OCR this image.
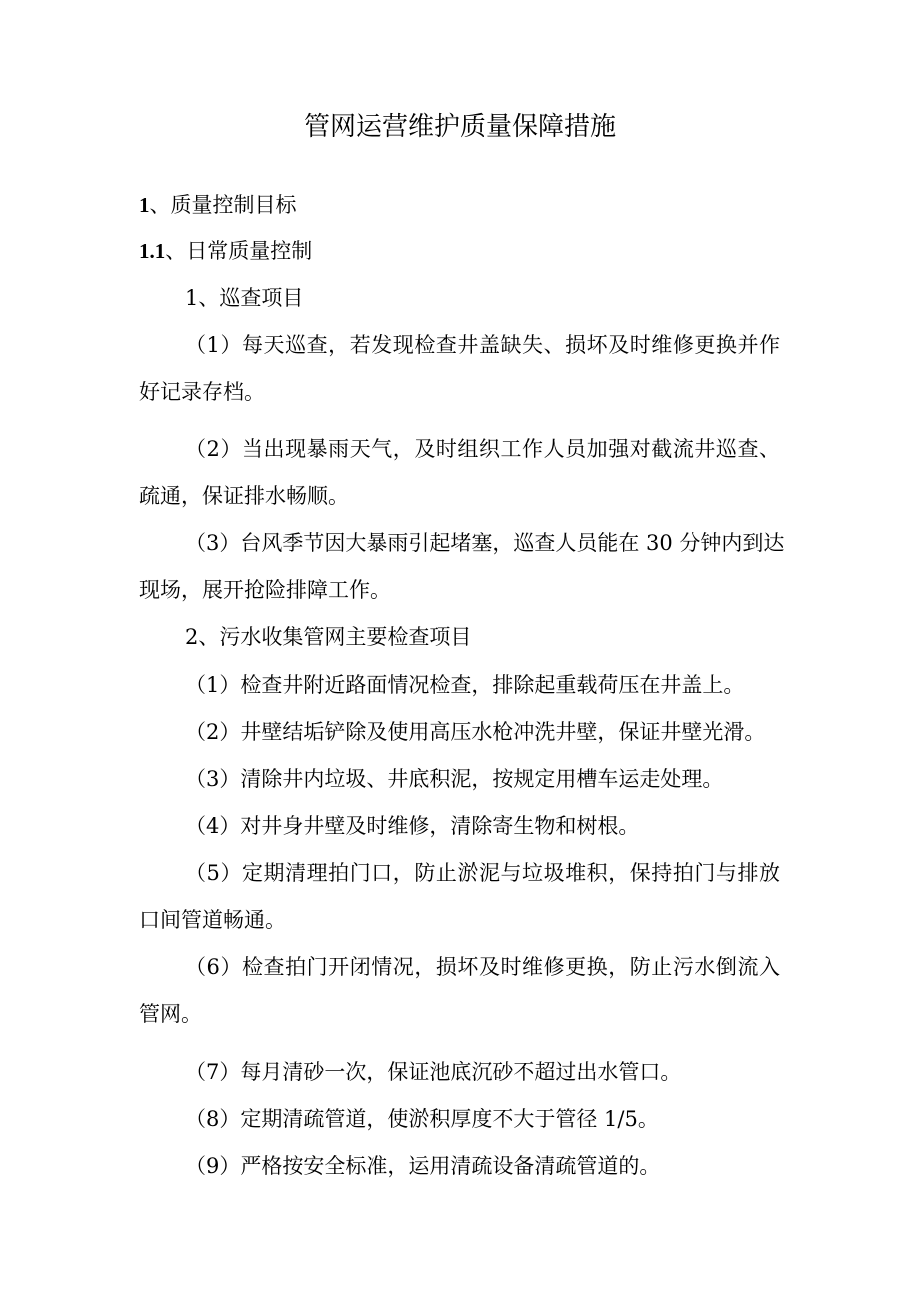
管网运营维护质量保障措施
1、质量控制目标
1.1、日常质量控制
1、巡查项目
（1）每天巡查，若发现检查井盖缺失、损坏及时维修更换并作
好记录存档。
（2）当出现暴雨天气，及时组织工作人员加强对截流井巡查、
疏通，保证排水畅顺。
（3）台风季节因大暴雨引起堵塞，巡查人员能在 30 分钟内到达
现场，展开抢险排障工作。
2、污水收集管网主要检查项目
（1）检查井附近路面情况检查，排除起重载荷压在井盖上。
（2）井壁结垢铲除及使用高压水枪冲洗井壁，保证井壁光滑。
（3）清除井内垃圾、井底积泥，按规定用槽车运走处理。
（4）对井身井壁及时维修，清除寄生物和树根。
（5）定期清理拍门口，防止淤泥与垃圾堆积，保持拍门与排放
口间管道畅通。
（6）检查拍门开闭情况，损坏及时维修更换，防止污水倒流入
管网。
（7）每月清砂一次，保证池底沉砂不超过出水管口。
（8）定期清疏管道，使淤积厚度不大于管径 1/5。
（9）严格按安全标准，运用清疏设备清疏管道的。
